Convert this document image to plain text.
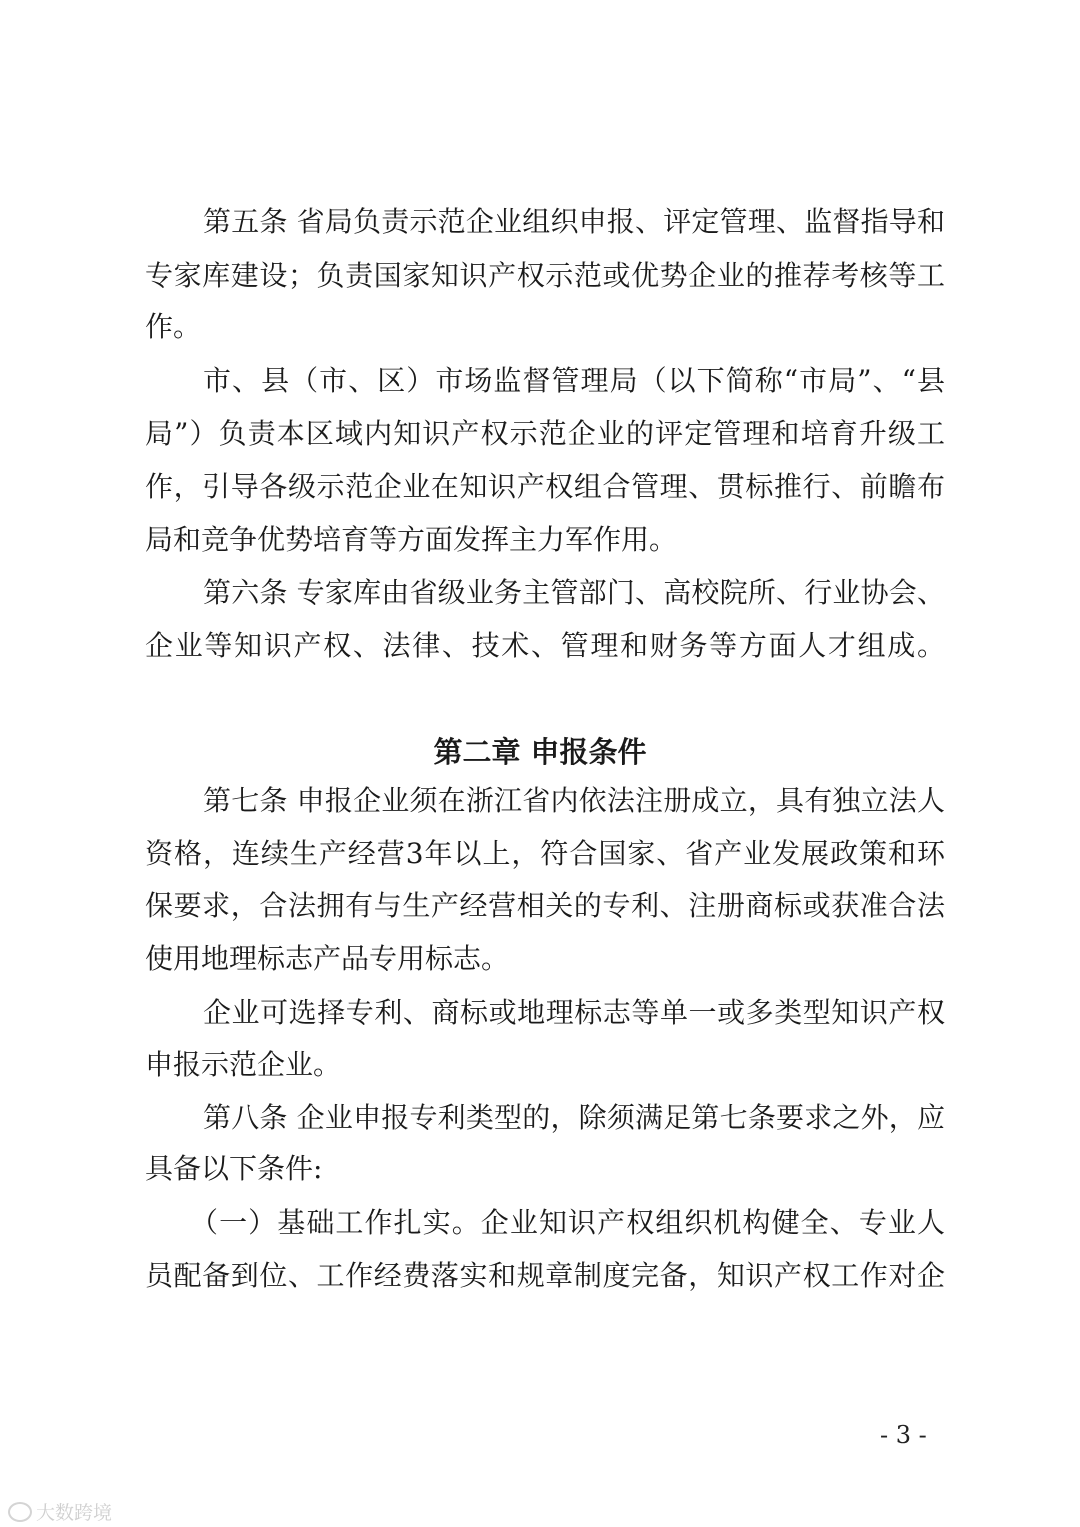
第五条 省局负责示范企业组织申报、评定管理、监督指导和
专家库建设；负责国家知识产权示范或优势企业的推荐考核等工
作。
市、县（市、区）市场监督管理局（以下简称“市局”、“县
局”）负责本区域内知识产权示范企业的评定管理和培育升级工
作，引导各级示范企业在知识产权组合管理、贯标推行、前瞻布
局和竞争优势培育等方面发挥主力军作用。
第六条 专家库由省级业务主管部门、高校院所、行业协会、
企业等知识产权、法律、技术、管理和财务等方面人才组成。
第二章 申报条件
第七条 申报企业须在浙江省内依法注册成立，具有独立法人
资格，连续生产经营3年以上，符合国家、省产业发展政策和环
保要求，合法拥有与生产经营相关的专利、注册商标或获准合法
使用地理标志产品专用标志。
企业可选择专利、商标或地理标志等单一或多类型知识产权
申报示范企业。
第八条 企业申报专利类型的，除须满足第七条要求之外，应
具备以下条件:
（一）基础工作扎实。企业知识产权组织机构健全、专业人
员配备到位、工作经费落实和规章制度完备，知识产权工作对企
- 3 -
大数跨境
